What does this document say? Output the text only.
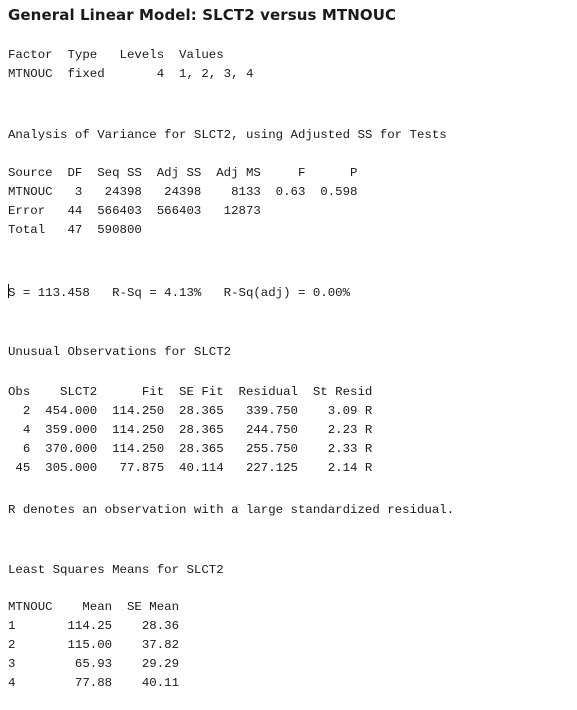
General Linear Model: SLCT2 versus MTNOUC
Factor  Type   Levels  Values
MTNOUC  fixed       4  1, 2, 3, 4
Analysis of Variance for SLCT2, using Adjusted SS for Tests
Source  DF  Seq SS  Adj SS  Adj MS     F      P
MTNOUC   3   24398   24398    8133  0.63  0.598
Error   44  566403  566403   12873
Total   47  590800
S = 113.458   R-Sq = 4.13%   R-Sq(adj) = 0.00%
Unusual Observations for SLCT2
Obs    SLCT2      Fit  SE Fit  Residual  St Resid
2  454.000  114.250  28.365   339.750    3.09 R
4  359.000  114.250  28.365   244.750    2.23 R
6  370.000  114.250  28.365   255.750    2.33 R
45  305.000   77.875  40.114   227.125    2.14 R
R denotes an observation with a large standardized residual.
Least Squares Means for SLCT2
MTNOUC    Mean  SE Mean
1       114.25    28.36
2       115.00    37.82
3        65.93    29.29
4        77.88    40.11
